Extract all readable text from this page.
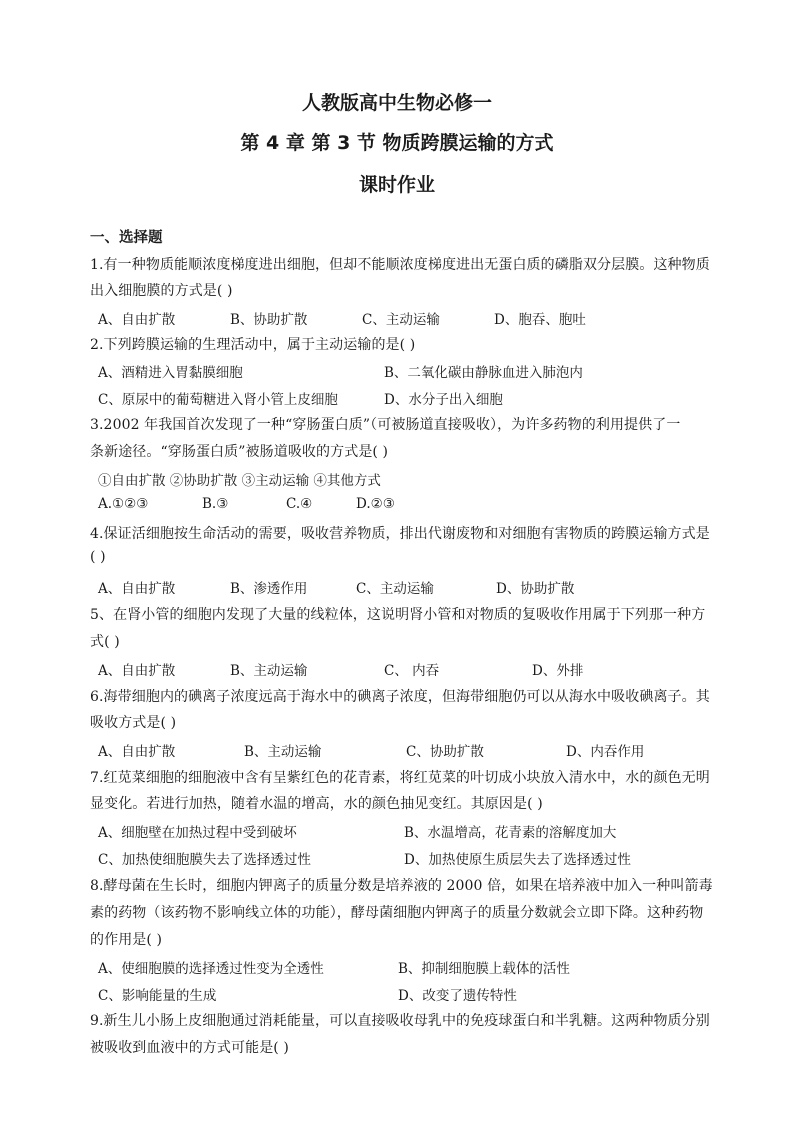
人教版高中生物必修一
第 4 章 第 3 节 物质跨膜运输的方式
课时作业
一、选择题
1.有一种物质能顺浓度梯度进出细胞，但却不能顺浓度梯度进出无蛋白质的磷脂双分层膜。这种物质
出入细胞膜的方式是( )
A、自由扩散	B、协助扩散	C、主动运输	D、胞吞、胞吐
2.下列跨膜运输的生理活动中，属于主动运输的是( )
A、酒精进入胃黏膜细胞	B、二氧化碳由静脉血进入肺泡内
C、原尿中的葡萄糖进入肾小管上皮细胞	D、水分子出入细胞
3.2002 年我国首次发现了一种“穿肠蛋白质”（可被肠道直接吸收），为许多药物的利用提供了一
条新途径。“穿肠蛋白质”被肠道吸收的方式是( )
①自由扩散 ②协助扩散 ③主动运输 ④其他方式
A.①②③	B.③	C.④	D.②③
4.保证活细胞按生命活动的需要，吸收营养物质，排出代谢废物和对细胞有害物质的跨膜运输方式是
( )
A、自由扩散	B、渗透作用	C、主动运输	D、协助扩散
5、在肾小管的细胞内发现了大量的线粒体，这说明肾小管和对物质的复吸收作用属于下列那一种方
式( )
A、自由扩散	B、主动运输	C、 内吞	D、外排
6.海带细胞内的碘离子浓度远高于海水中的碘离子浓度，但海带细胞仍可以从海水中吸收碘离子。其
吸收方式是( )
A、自由扩散	B、主动运输	C、协助扩散	D、内吞作用
7.红苋菜细胞的细胞液中含有呈紫红色的花青素，将红苋菜的叶切成小块放入清水中，水的颜色无明
显变化。若进行加热，随着水温的增高，水的颜色抽见变红。其原因是( )
A、细胞壁在加热过程中受到破坏	B、水温增高，花青素的溶解度加大
C、加热使细胞膜失去了选择透过性	D、加热使原生质层失去了选择透过性
8.酵母菌在生长时，细胞内钾离子的质量分数是培养液的 2000 倍，如果在培养液中加入一种叫箭毒
素的药物（该药物不影响线立体的功能），酵母菌细胞内钾离子的质量分数就会立即下降。这种药物
的作用是( )
A、使细胞膜的选择透过性变为全透性	B、抑制细胞膜上载体的活性
C、影响能量的生成	D、改变了遗传特性
9.新生儿小肠上皮细胞通过消耗能量，可以直接吸收母乳中的免疫球蛋白和半乳糖。这两种物质分别
被吸收到血液中的方式可能是( )
